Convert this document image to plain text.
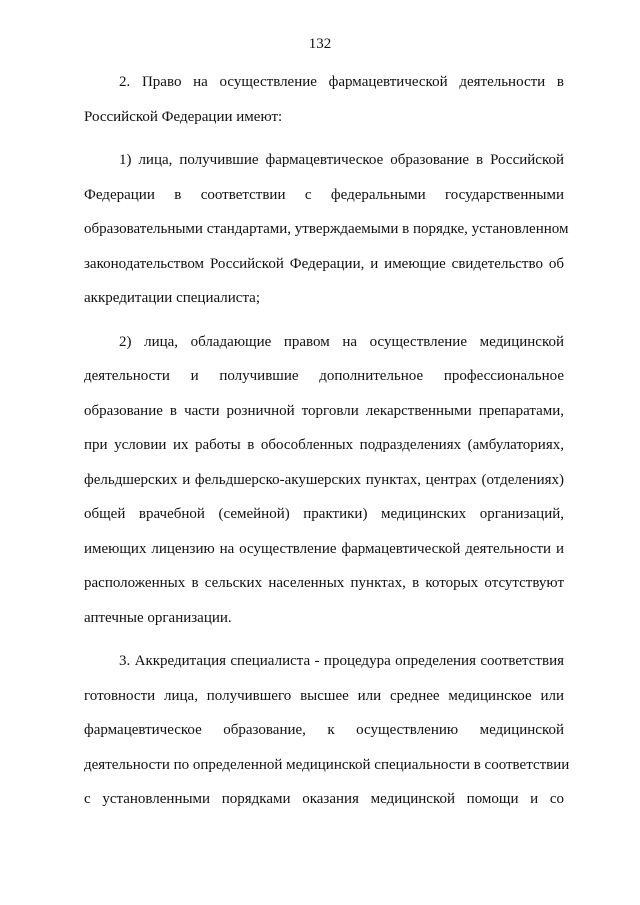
132

2. Право на осуществление фармацевтической деятельности в
Российской Федерации имеют:

1) лица, получившие фармацевтическое образование в Российской
Федерации в соответствии с федеральными государственными
образовательными стандартами, утверждаемыми в порядке, установленном
законодательством Российской Федерации, и имеющие свидетельство об
аккредитации специалиста;

2) лица, обладающие правом на осуществление медицинской
деятельности и получившие дополнительное профессиональное
образование в части розничной торговли лекарственными препаратами,
при условии их работы в обособленных подразделениях (амбулаториях,
фельдшерских и фельдшерско-акушерских пунктах, центрах (отделениях)
общей врачебной (семейной) практики) медицинских организаций,
имеющих лицензию на осуществление фармацевтической деятельности и
расположенных в сельских населенных пунктах, в которых отсутствуют
аптечные организации.

3. Аккредитация специалиста - процедура определения соответствия
готовности лица, получившего высшее или среднее медицинское или
фармацевтическое образование, к осуществлению медицинской
деятельности по определенной медицинской специальности в соответствии
с установленными порядками оказания медицинской помощи и со
